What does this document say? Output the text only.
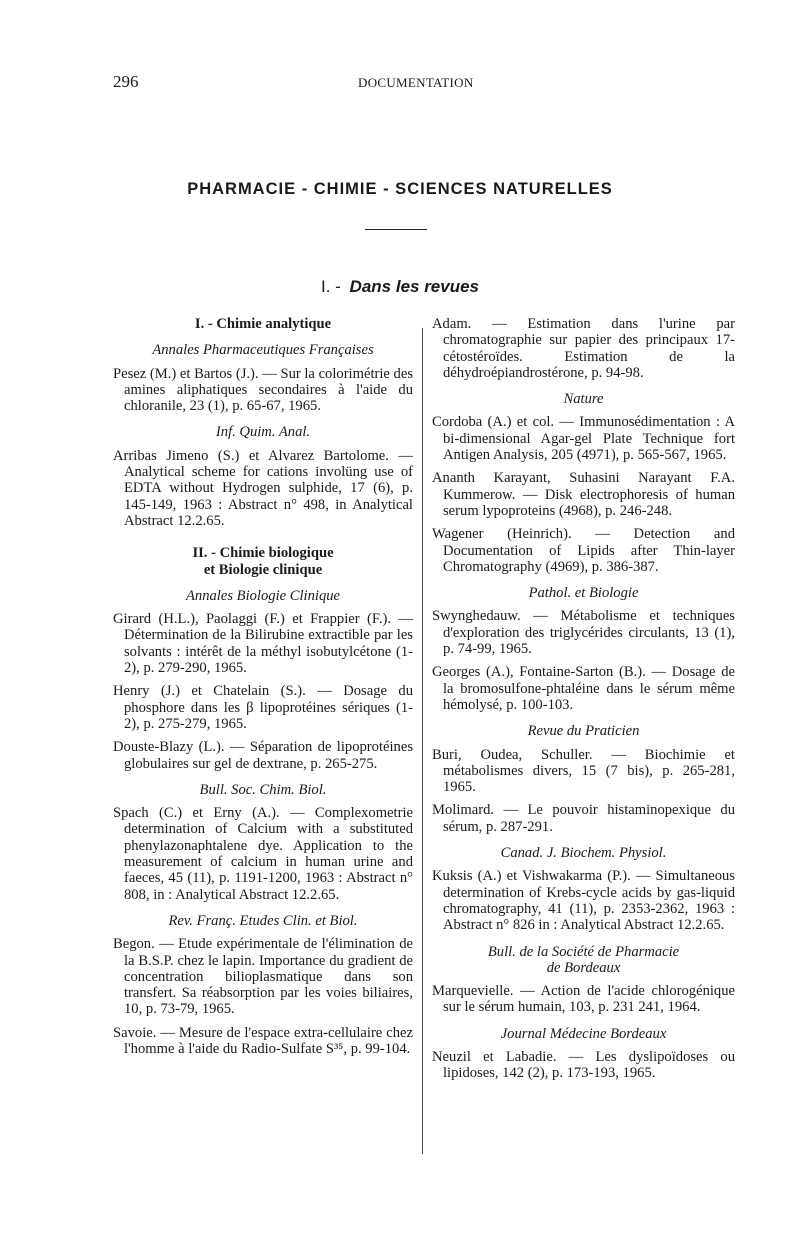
296	DOCUMENTATION
PHARMACIE - CHIMIE - SCIENCES NATURELLES
I. - Dans les revues

I. - Chimie analytique

Annales Pharmaceutiques Françaises

Pesez (M.) et Bartos (J.). — Sur la colorimétrie des amines aliphatiques secondaires à l'aide du chloranile, 23 (1), p. 65-67, 1965.

Inf. Quim. Anal.

Arribas Jimeno (S.) et Alvarez Bartolome. — Analytical scheme for cations involüng use of EDTA without Hydrogen sulphide, 17 (6), p. 145-149, 1963 : Abstract n° 498, in Analytical Abstract 12.2.65.

II. - Chimie biologique
et Biologie clinique

Annales Biologie Clinique

Girard (H.L.), Paolaggi (F.) et Frappier (F.). — Détermination de la Bilirubine extractible par les solvants : intérêt de la méthyl isobutylcétone (1-2), p. 279-290, 1965.

Henry (J.) et Chatelain (S.). — Dosage du phosphore dans les β lipoprotéines sériques (1-2), p. 275-279, 1965.

Douste-Blazy (L.). — Séparation de lipoprotéines globulaires sur gel de dextrane, p. 265-275.

Bull. Soc. Chim. Biol.

Spach (C.) et Erny (A.). — Complexometrie determination of Calcium with a substituted phenylazonaphtalene dye. Application to the measurement of calcium in human urine and faeces, 45 (11), p. 1191-1200, 1963 : Abstract n° 808, in : Analytical Abstract 12.2.65.

Rev. Franç. Etudes Clin. et Biol.

Begon. — Etude expérimentale de l'élimination de la B.S.P. chez le lapin. Importance du gradient de concentration bilioplasmatique dans son transfert. Sa réabsorption par les voies biliaires, 10, p. 73-79, 1965.

Savoie. — Mesure de l'espace extra-cellulaire chez l'homme à l'aide du Radio-Sulfate S³⁵, p. 99-104.

Adam. — Estimation dans l'urine par chromatographie sur papier des principaux 17-cétostéroïdes. Estimation de la déhydroépiandrostérone, p. 94-98.

Nature

Cordoba (A.) et col. — Immunosédimentation : A bi-dimensional Agar-gel Plate Technique fort Antigen Analysis, 205 (4971), p. 565-567, 1965.

Ananth Karayant, Suhasini Narayant F.A. Kummerow. — Disk electrophoresis of human serum lypoproteins (4968), p. 246-248.

Wagener (Heinrich). — Detection and Documentation of Lipids after Thin-layer Chromatography (4969), p. 386-387.

Pathol. et Biologie

Swynghedauw. — Métabolisme et techniques d'exploration des triglycérides circulants, 13 (1), p. 74-99, 1965.

Georges (A.), Fontaine-Sarton (B.). — Dosage de la bromosulfone-phtaléine dans le sérum même hémolysé, p. 100-103.

Revue du Praticien

Buri, Oudea, Schuller. — Biochimie et métabolismes divers, 15 (7 bis), p. 265-281, 1965.

Molimard. — Le pouvoir histaminopexique du sérum, p. 287-291.

Canad. J. Biochem. Physiol.

Kuksis (A.) et Vishwakarma (P.). — Simultaneous determination of Krebs-cycle acids by gas-liquid chromatography, 41 (11), p. 2353-2362, 1963 : Abstract n° 826 in : Analytical Abstract 12.2.65.

Bull. de la Société de Pharmacie
de Bordeaux

Marquevielle. — Action de l'acide chlorogénique sur le sérum humain, 103, p. 231 241, 1964.

Journal Médecine Bordeaux

Neuzil et Labadie. — Les dyslipoïdoses ou lipidoses, 142 (2), p. 173-193, 1965.
